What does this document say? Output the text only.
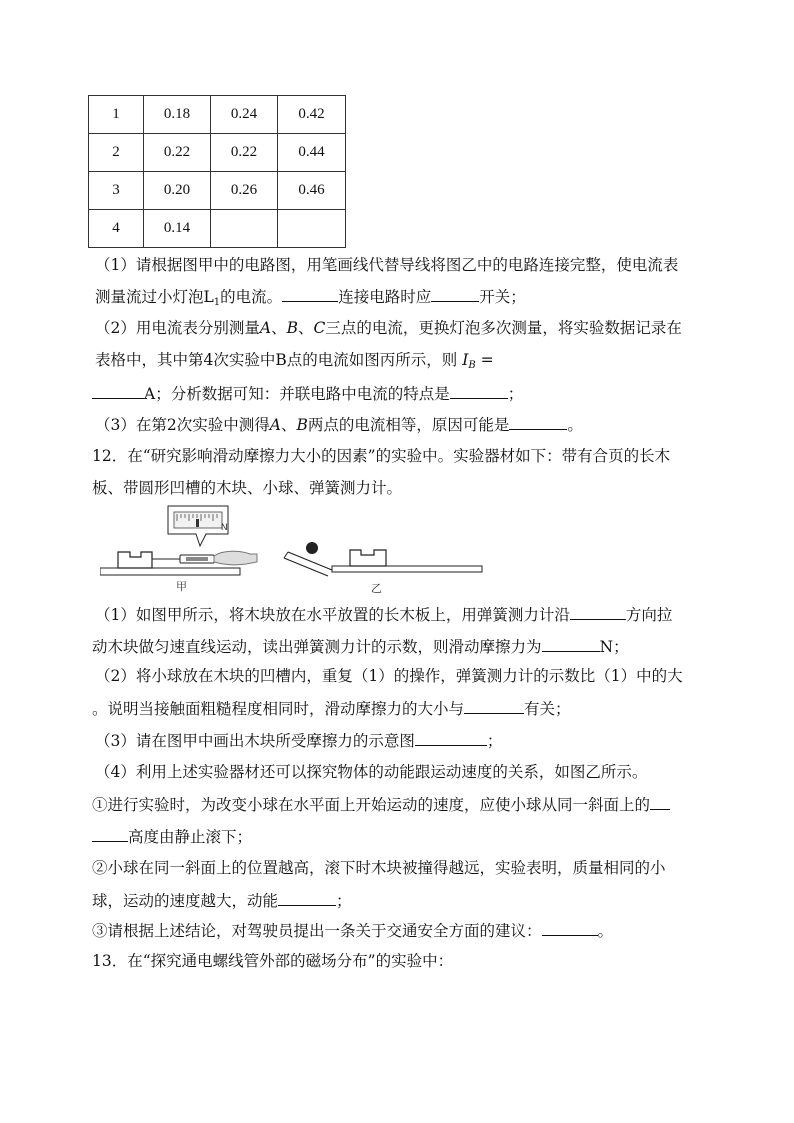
1	0.18	0.24	0.42
2	0.22	0.22	0.44
3	0.20	0.26	0.46
4	0.14		
（1）请根据图甲中的电路图，用笔画线代替导线将图乙中的电路连接完整，使电流表
测量流过小灯泡L1的电流。	连接电路时应	开关；
（2）用电流表分别测量A、B、C三点的电流，更换灯泡多次测量，将实验数据记录在
表格中，其中第4次实验中B点的电流如图丙所示，则 $I_B$ =
A；分析数据可知：并联电路中电流的特点是	；
（3）在第2次实验中测得A、B两点的电流相等，原因可能是	。
12．在“研究影响滑动摩擦力大小的因素”的实验中。实验器材如下：带有合页的长木
板、带圆形凹槽的木块、小球、弹簧测力计。
N
甲	乙
（1）如图甲所示，将木块放在水平放置的长木板上，用弹簧测力计沿	方向拉
动木块做匀速直线运动，读出弹簧测力计的示数，则滑动摩擦力为	N；
（2）将小球放在木块的凹槽内，重复（1）的操作，弹簧测力计的示数比（1）中的大
。说明当接触面粗糙程度相同时，滑动摩擦力的大小与	有关；
（3）请在图甲中画出木块所受摩擦力的示意图	；
（4）利用上述实验器材还可以探究物体的动能跟运动速度的关系，如图乙所示。
①进行实验时，为改变小球在水平面上开始运动的速度，应使小球从同一斜面上的
高度由静止滚下；
②小球在同一斜面上的位置越高，滚下时木块被撞得越远，实验表明，质量相同的小
球，运动的速度越大，动能	；
③请根据上述结论，对驾驶员提出一条关于交通安全方面的建议：	。
13．在“探究通电螺线管外部的磁场分布”的实验中：
